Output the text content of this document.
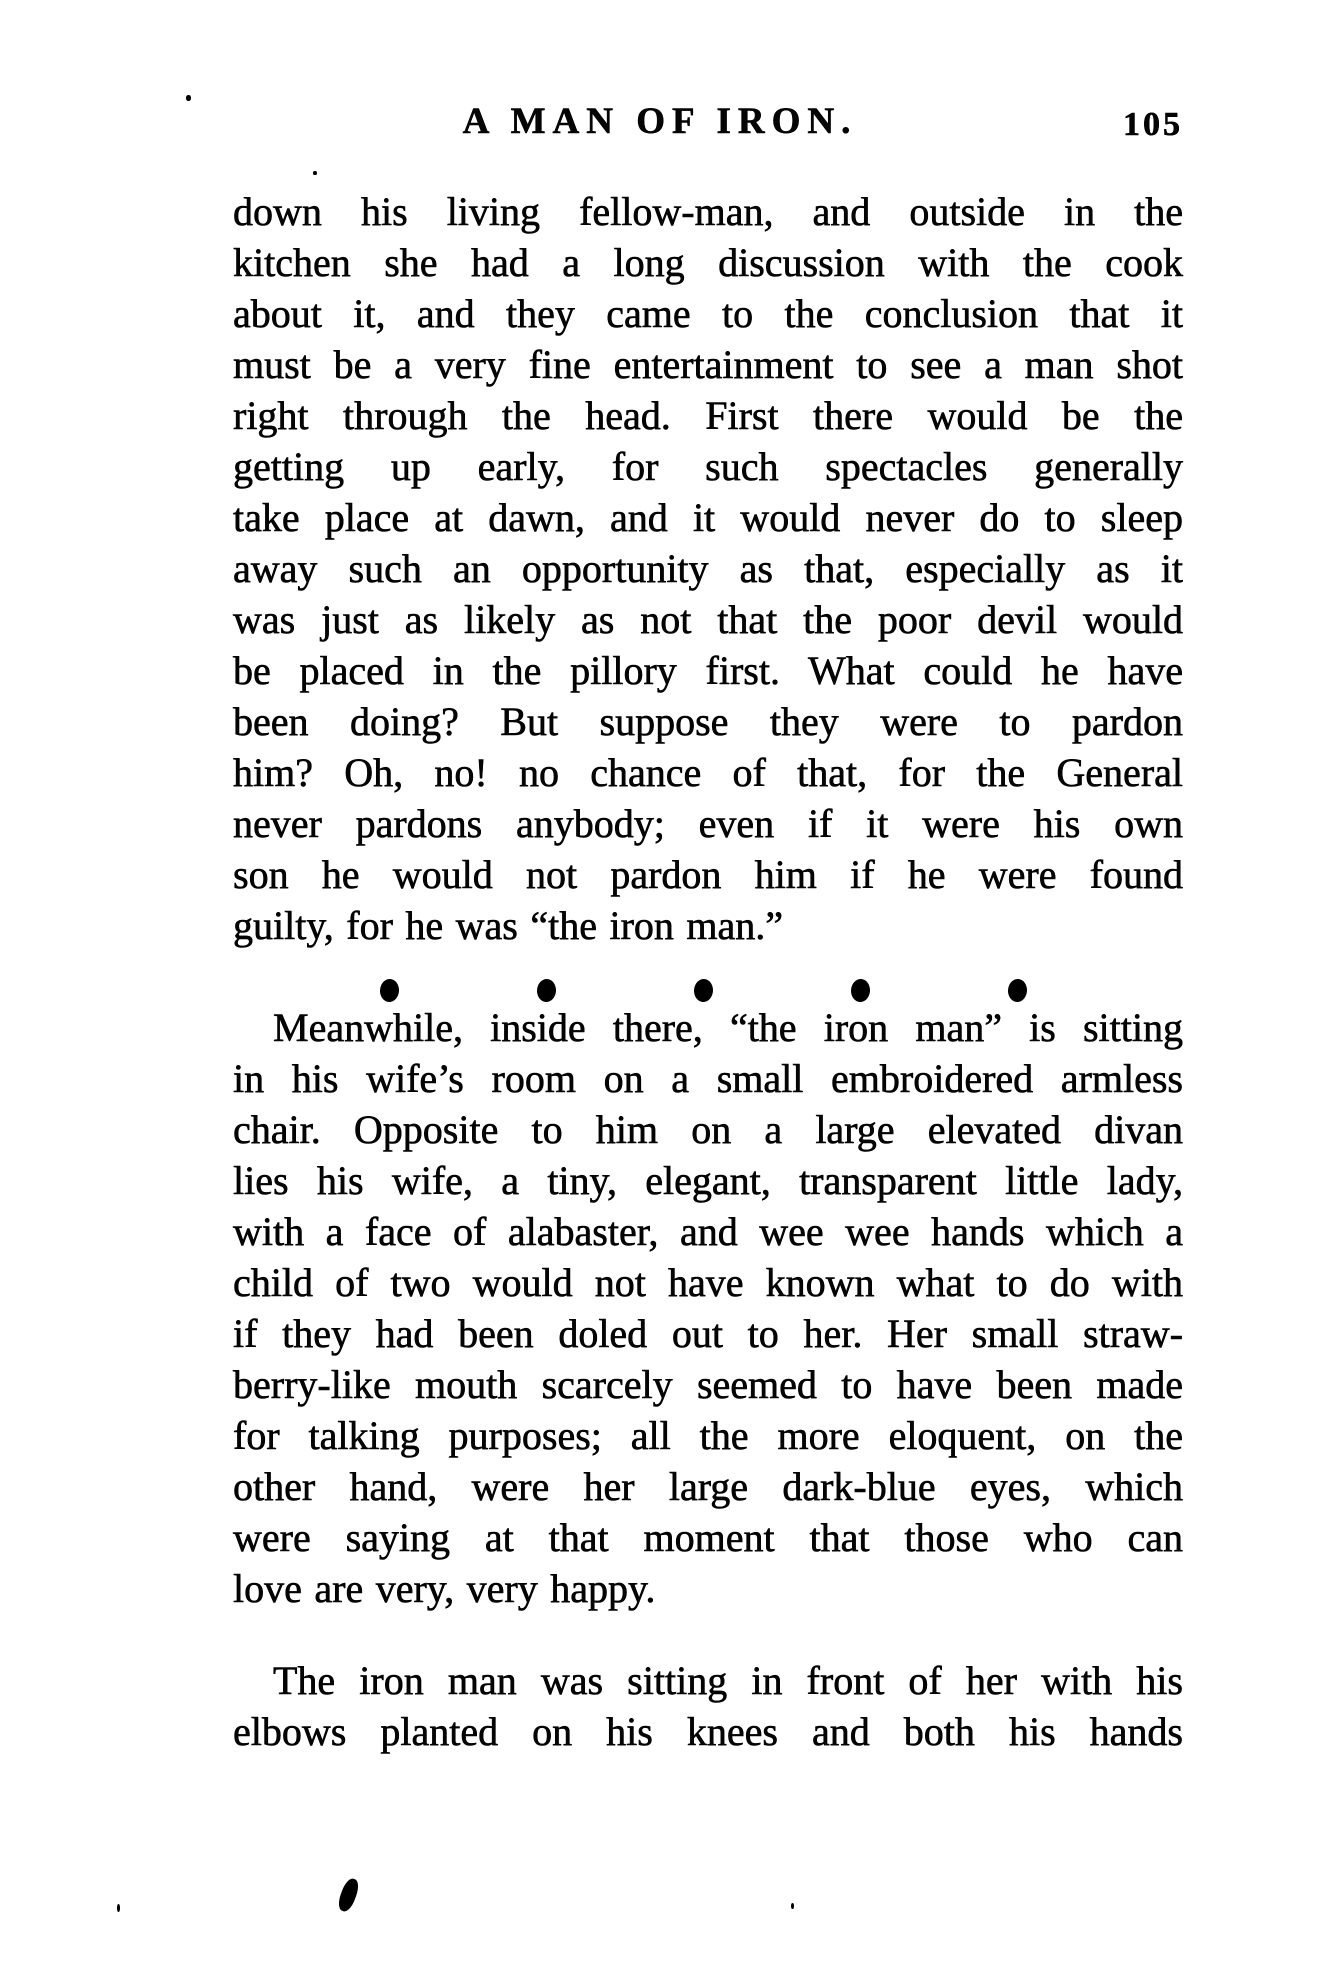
A MAN OF IRON.	105
down his living fellow-man, and outside in the
kitchen she had a long discussion with the cook
about it, and they came to the conclusion that it
must be a very fine entertainment to see a man shot
right through the head. First there would be the
getting up early, for such spectacles generally
take place at dawn, and it would never do to sleep
away such an opportunity as that, especially as it
was just as likely as not that the poor devil would
be placed in the pillory first. What could he have
been doing? But suppose they were to pardon
him? Oh, no! no chance of that, for the General
never pardons anybody; even if it were his own
son he would not pardon him if he were found
guilty, for he was “the iron man.”
Meanwhile, inside there, “the iron man” is sitting
in his wife’s room on a small embroidered armless
chair. Opposite to him on a large elevated divan
lies his wife, a tiny, elegant, transparent little lady,
with a face of alabaster, and wee wee hands which a
child of two would not have known what to do with
if they had been doled out to her. Her small straw-
berry-like mouth scarcely seemed to have been made
for talking purposes; all the more eloquent, on the
other hand, were her large dark-blue eyes, which
were saying at that moment that those who can
love are very, very happy.
The iron man was sitting in front of her with his
elbows planted on his knees and both his hands
